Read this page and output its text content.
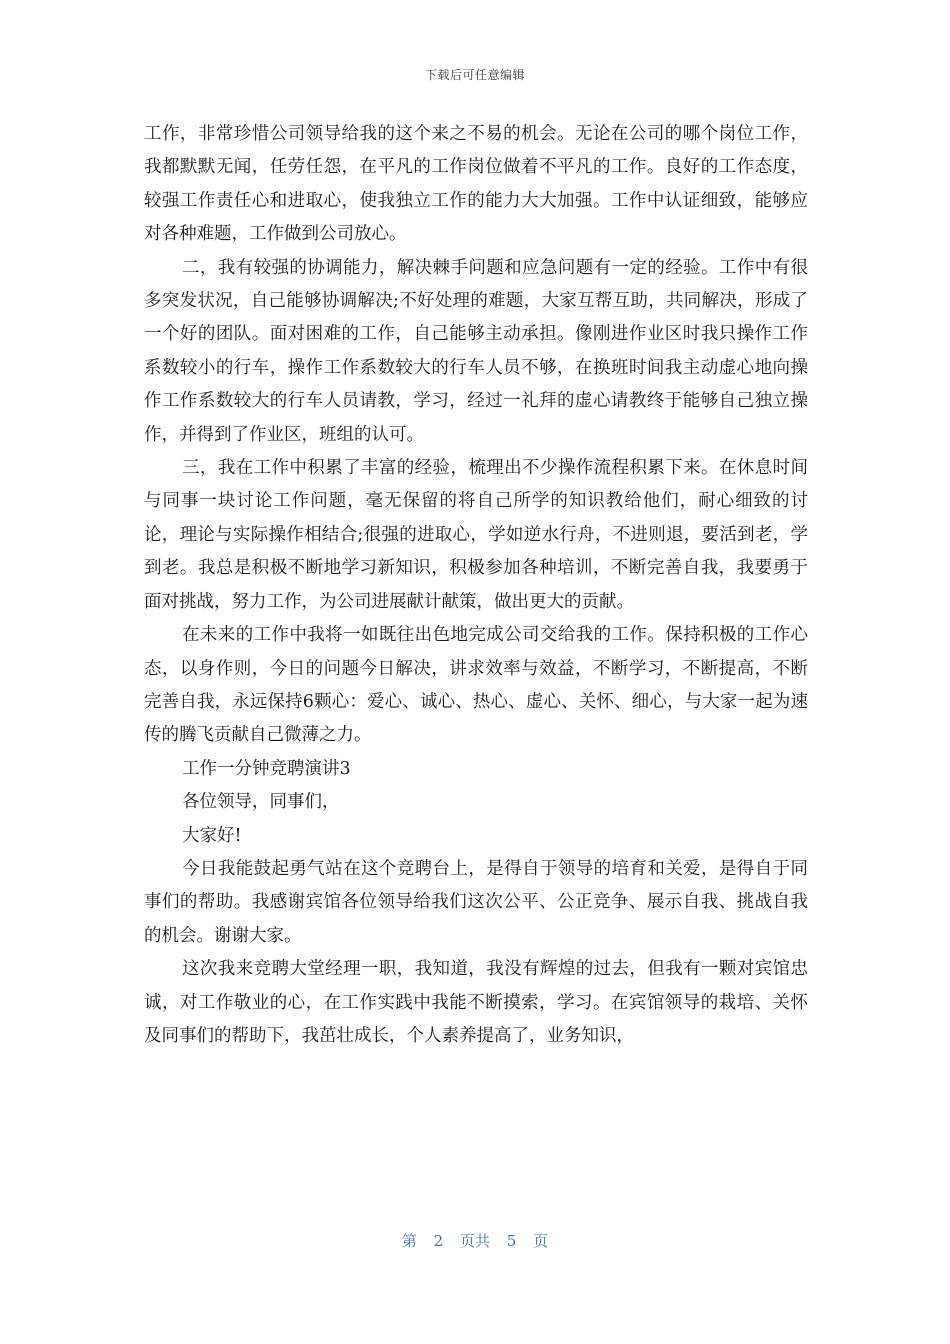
下载后可任意编辑

工作，非常珍惜公司领导给我的这个来之不易的机会。无论在公司的哪个岗位工作，我都默默无闻，任劳任怨，在平凡的工作岗位做着不平凡的工作。良好的工作态度，较强工作责任心和进取心，使我独立工作的能力大大加强。工作中认证细致，能够应对各种难题，工作做到公司放心。

二，我有较强的协调能力，解决棘手问题和应急问题有一定的经验。工作中有很多突发状况，自己能够协调解决;不好处理的难题，大家互帮互助，共同解决，形成了一个好的团队。面对困难的工作，自己能够主动承担。像刚进作业区时我只操作工作系数较小的行车，操作工作系数较大的行车人员不够，在换班时间我主动虚心地向操作工作系数较大的行车人员请教，学习，经过一礼拜的虚心请教终于能够自己独立操作，并得到了作业区，班组的认可。

三，我在工作中积累了丰富的经验，梳理出不少操作流程积累下来。在休息时间与同事一块讨论工作问题，毫无保留的将自己所学的知识教给他们，耐心细致的讨论，理论与实际操作相结合;很强的进取心，学如逆水行舟，不进则退，要活到老，学到老。我总是积极不断地学习新知识，积极参加各种培训，不断完善自我，我要勇于面对挑战，努力工作，为公司进展献计献策，做出更大的贡献。

在未来的工作中我将一如既往出色地完成公司交给我的工作。保持积极的工作心态，以身作则，今日的问题今日解决，讲求效率与效益，不断学习，不断提高，不断完善自我，永远保持6颗心：爱心、诚心、热心、虚心、关怀、细心，与大家一起为速传的腾飞贡献自己微薄之力。

工作一分钟竞聘演讲3

各位领导，同事们，

大家好!

今日我能鼓起勇气站在这个竞聘台上，是得自于领导的培育和关爱，是得自于同事们的帮助。我感谢宾馆各位领导给我们这次公平、公正竞争、展示自我、挑战自我的机会。谢谢大家。

这次我来竞聘大堂经理一职，我知道，我没有辉煌的过去，但我有一颗对宾馆忠诚，对工作敬业的心，在工作实践中我能不断摸索，学习。在宾馆领导的栽培、关怀及同事们的帮助下，我茁壮成长，个人素养提高了，业务知识，

第 2 页共 5 页
